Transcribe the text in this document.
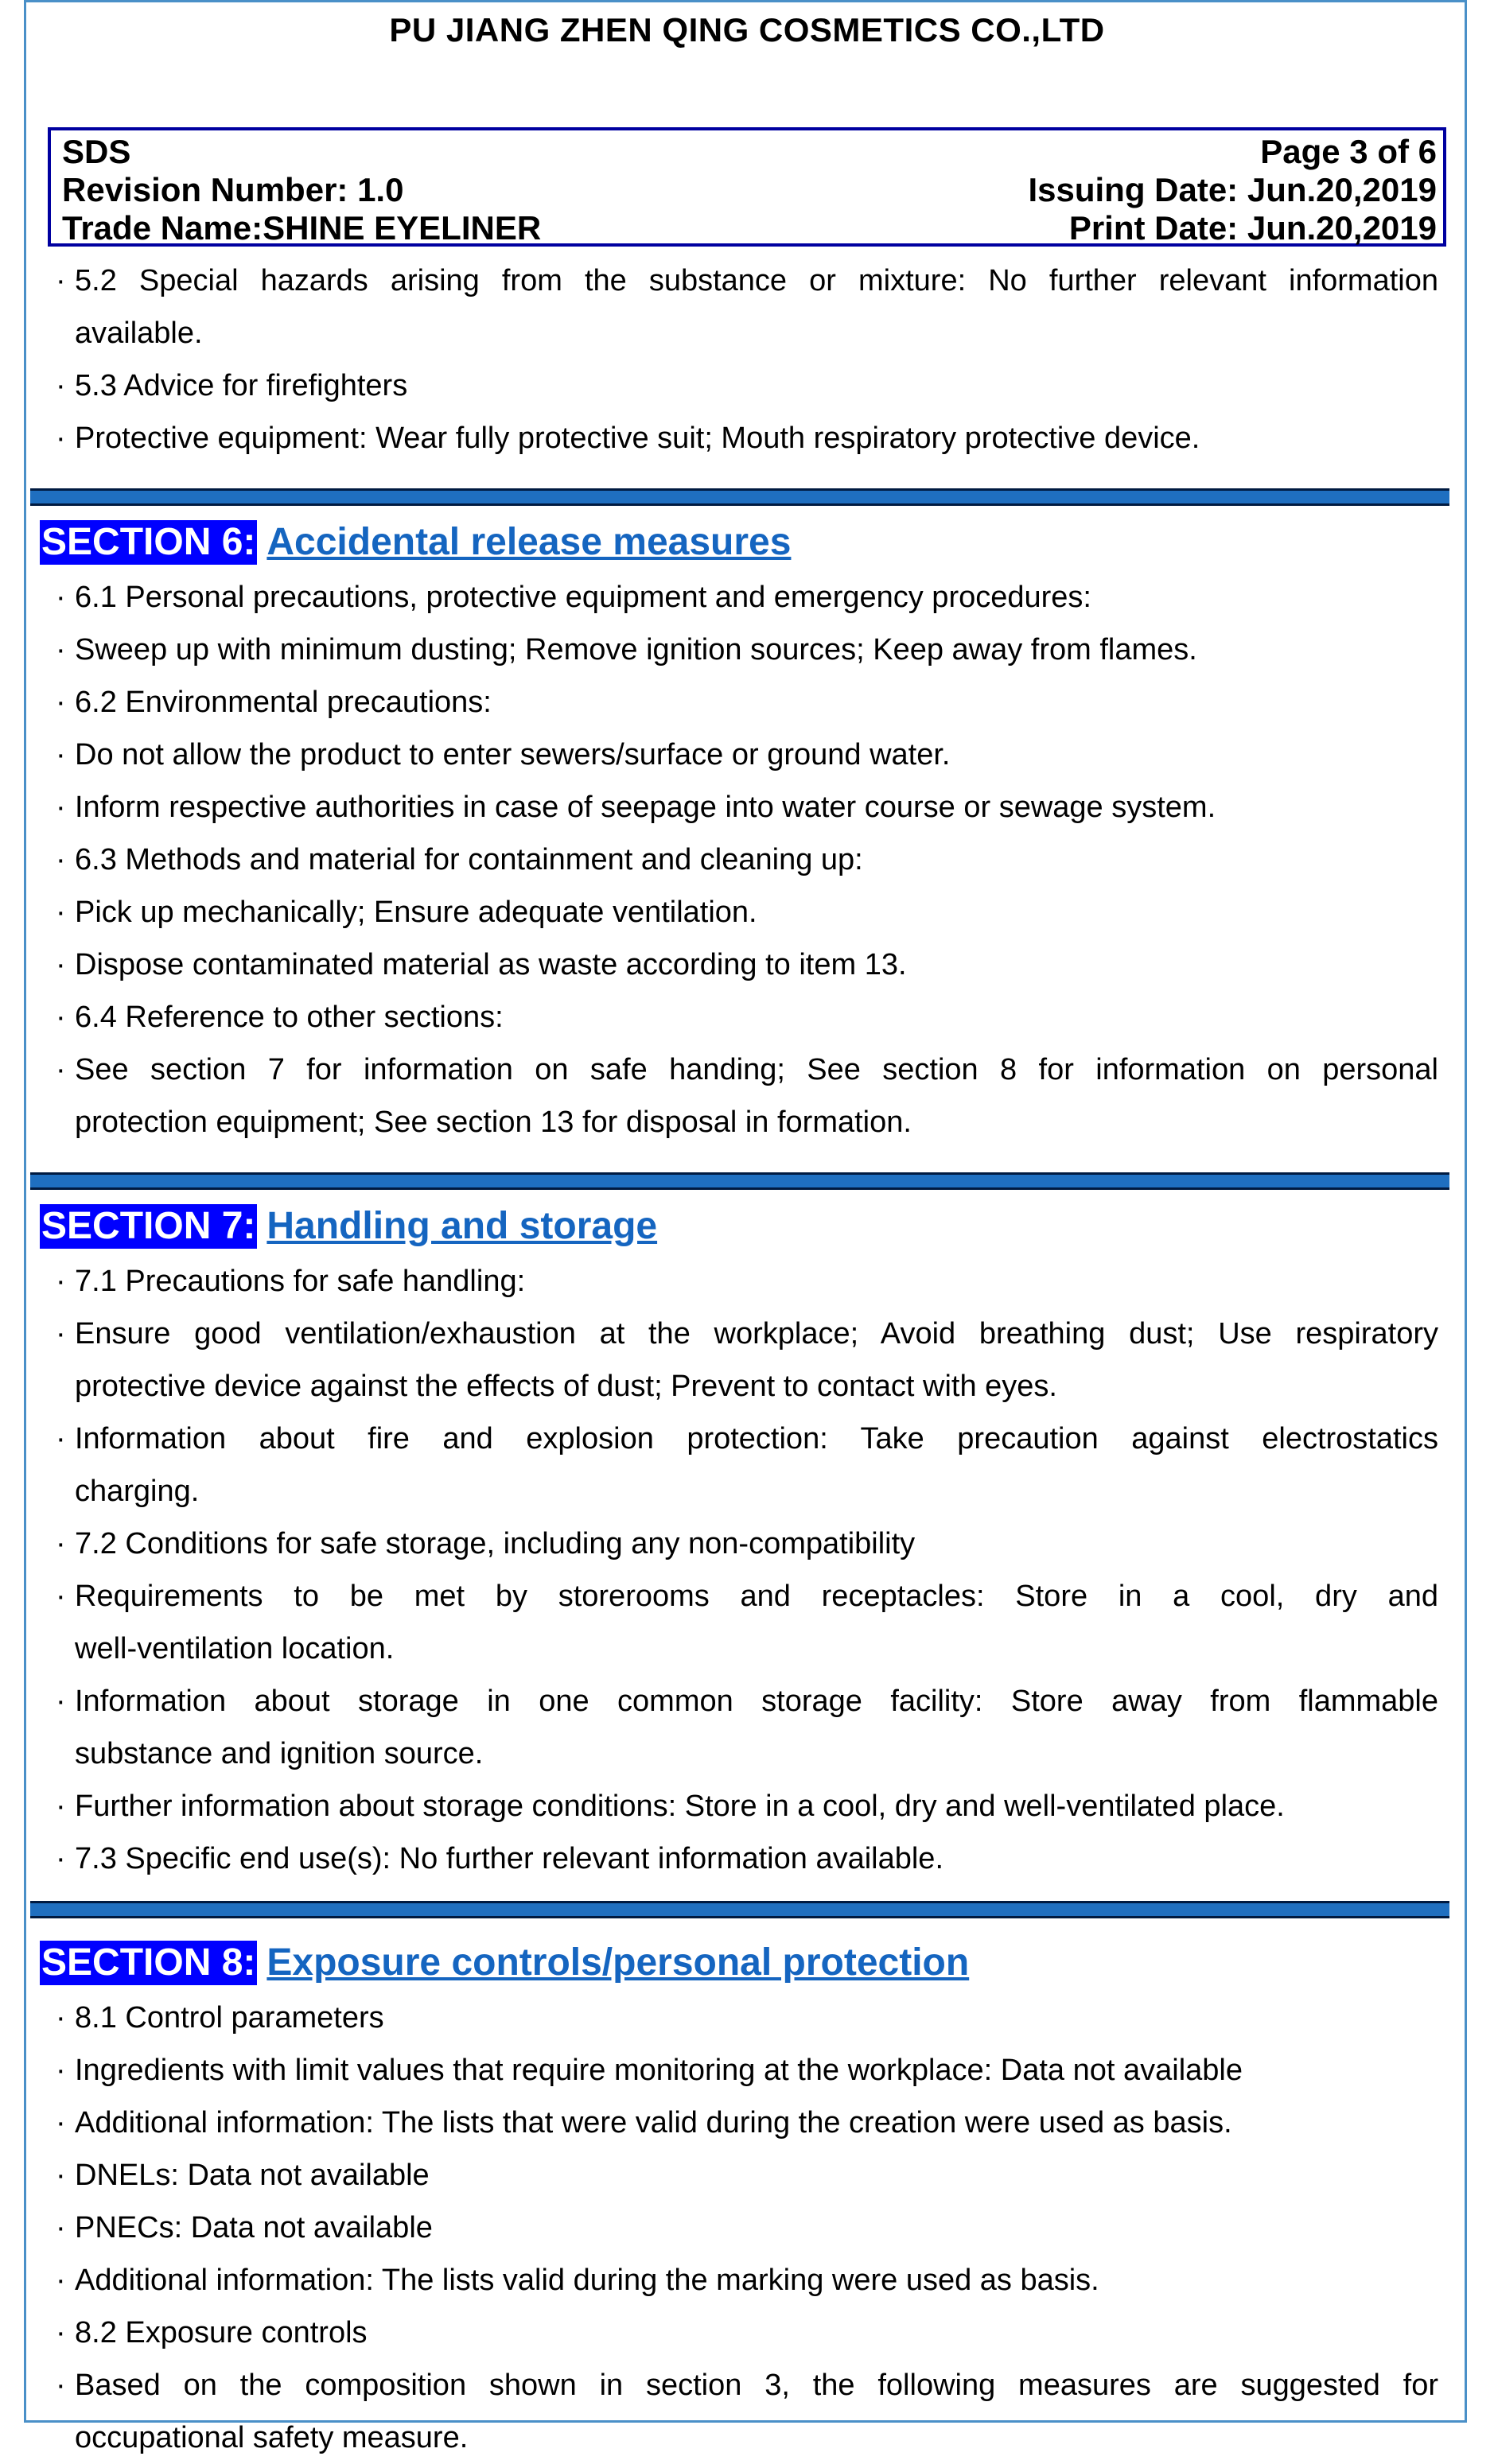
PU JIANG ZHEN QING COSMETICS CO.,LTD
SDS	Page 3 of 6
Revision Number: 1.0	Issuing Date: Jun.20,2019
Trade Name:SHINE EYELINER	Print Date: Jun.20,2019
· 5.2 Special hazards arising from the substance or mixture: No further relevant information
available.
· 5.3 Advice for firefighters
· Protective equipment: Wear fully protective suit; Mouth respiratory protective device.
SECTION 6: Accidental release measures
· 6.1 Personal precautions, protective equipment and emergency procedures:
· Sweep up with minimum dusting; Remove ignition sources; Keep away from flames.
· 6.2 Environmental precautions:
· Do not allow the product to enter sewers/surface or ground water.
· Inform respective authorities in case of seepage into water course or sewage system.
· 6.3 Methods and material for containment and cleaning up:
· Pick up mechanically; Ensure adequate ventilation.
· Dispose contaminated material as waste according to item 13.
· 6.4 Reference to other sections:
· See section 7 for information on safe handing; See section 8 for information on personal
protection equipment; See section 13 for disposal in formation.
SECTION 7: Handling and storage
· 7.1 Precautions for safe handling:
· Ensure good ventilation/exhaustion at the workplace; Avoid breathing dust; Use respiratory
protective device against the effects of dust; Prevent to contact with eyes.
· Information about fire and explosion protection: Take precaution against electrostatics
charging.
· 7.2 Conditions for safe storage, including any non-compatibility
· Requirements to be met by storerooms and receptacles: Store in a cool, dry and
well-ventilation location.
· Information about storage in one common storage facility: Store away from flammable
substance and ignition source.
· Further information about storage conditions: Store in a cool, dry and well-ventilated place.
· 7.3 Specific end use(s): No further relevant information available.
SECTION 8: Exposure controls/personal protection
· 8.1 Control parameters
· Ingredients with limit values that require monitoring at the workplace: Data not available
· Additional information: The lists that were valid during the creation were used as basis.
· DNELs: Data not available
· PNECs: Data not available
· Additional information: The lists valid during the marking were used as basis.
· 8.2 Exposure controls
· Based on the composition shown in section 3, the following measures are suggested for
occupational safety measure.
